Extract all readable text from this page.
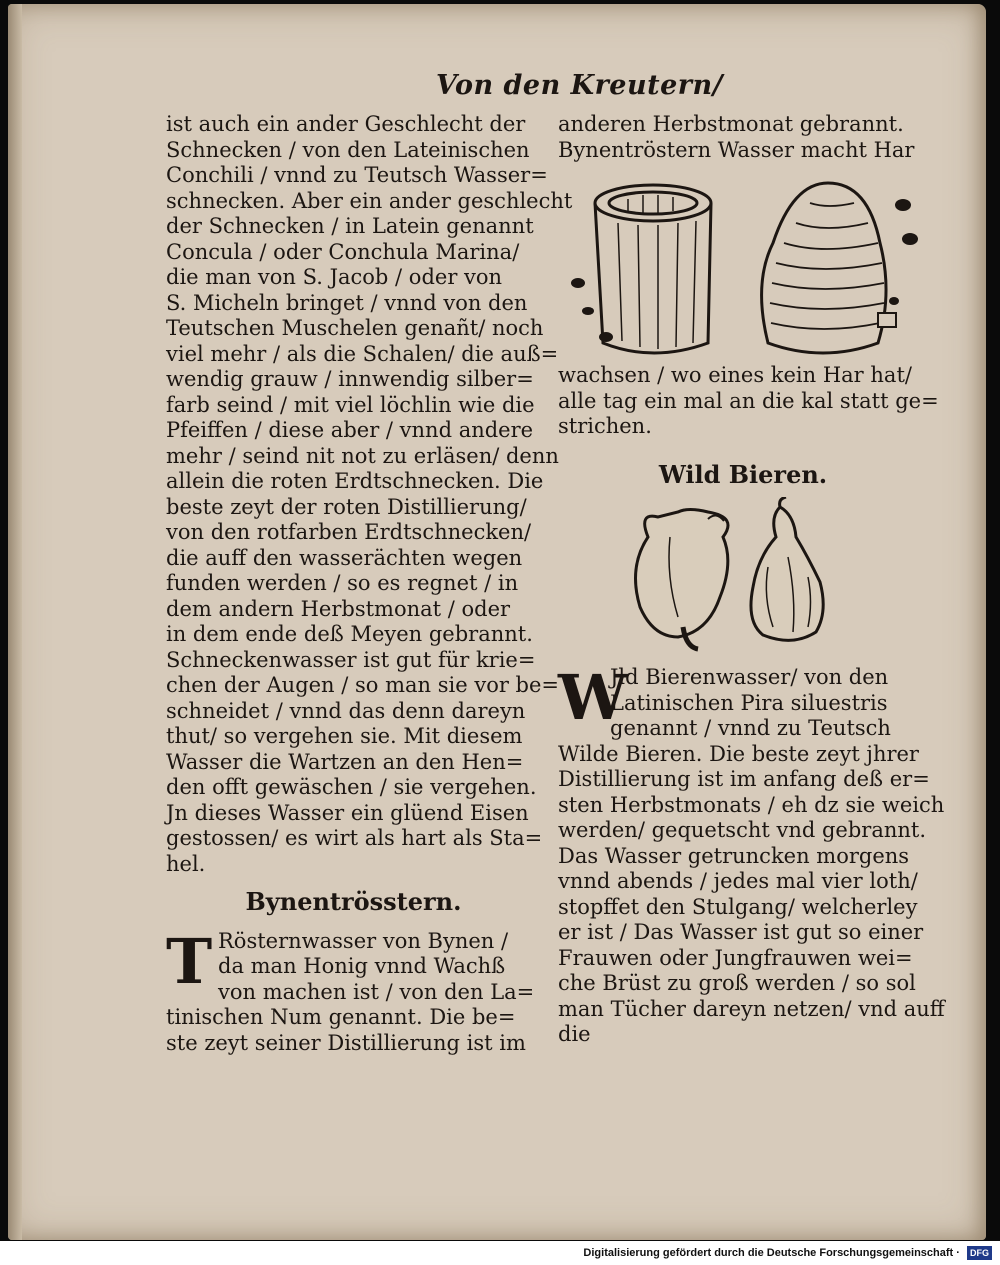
Von den Kreutern/
ist auch ein ander Geschlecht der
Schnecken / von den Lateinischen
Conchili / vnnd zu Teutsch Wasser=
schnecken. Aber ein ander geschlecht
der Schnecken / in Latein genannt
Concula / oder Conchula Marina/
die man von S. Jacob / oder von
S. Micheln bringet / vnnd von den
Teutschen Muschelen genañt/ noch
viel mehr / als die Schalen/ die auß=
wendig grauw / innwendig silber=
farb seind / mit viel löchlin wie die
Pfeiffen / diese aber / vnnd andere
mehr / seind nit not zu erläsen/ denn
allein die roten Erdtschnecken. Die
beste zeyt der roten Distillierung/
von den rotfarben Erdtschnecken/
die auff den wasserächten wegen
funden werden / so es regnet / in
dem andern Herbstmonat / oder
in dem ende deß Meyen gebrannt.
Schneckenwasser ist gut für krie=
chen der Augen / so man sie vor be=
schneidet / vnnd das denn dareyn
thut/ so vergehen sie. Mit diesem
Wasser die Wartzen an den Hen=
den offt gewäschen / sie vergehen.
Jn dieses Wasser ein glüend Eisen
gestossen/ es wirt als hart als Sta=
hel.
Bynentrösstern.
T Rösternwasser von Bynen /
da man Honig vnnd Wachß
von machen ist / von den La=
tinischen Num genannt. Die be=
ste zeyt seiner Distillierung ist im
anderen Herbstmonat gebrannt.
Bynentröstern Wasser macht Har
wachsen / wo eines kein Har hat/
alle tag ein mal an die kal statt ge=
strichen.
Wild Bieren.
W
Jld Bierenwasser/ von den
Latinischen Pira siluestris
genannt / vnnd zu Teutsch
Wilde Bieren. Die beste zeyt jhrer
Distillierung ist im anfang deß er=
sten Herbstmonats / eh dz sie weich
werden/ gequetscht vnd gebrannt.
Das Wasser getruncken morgens
vnnd abends / jedes mal vier loth/
stopffet den Stulgang/ welcherley
er ist / Das Wasser ist gut so einer
Frauwen oder Jungfrauwen wei=
che Brüst zu groß werden / so sol
man Tücher dareyn netzen/ vnd auff
die
Digitalisierung gefördert durch die Deutsche Forschungsgemeinschaft · DFG
